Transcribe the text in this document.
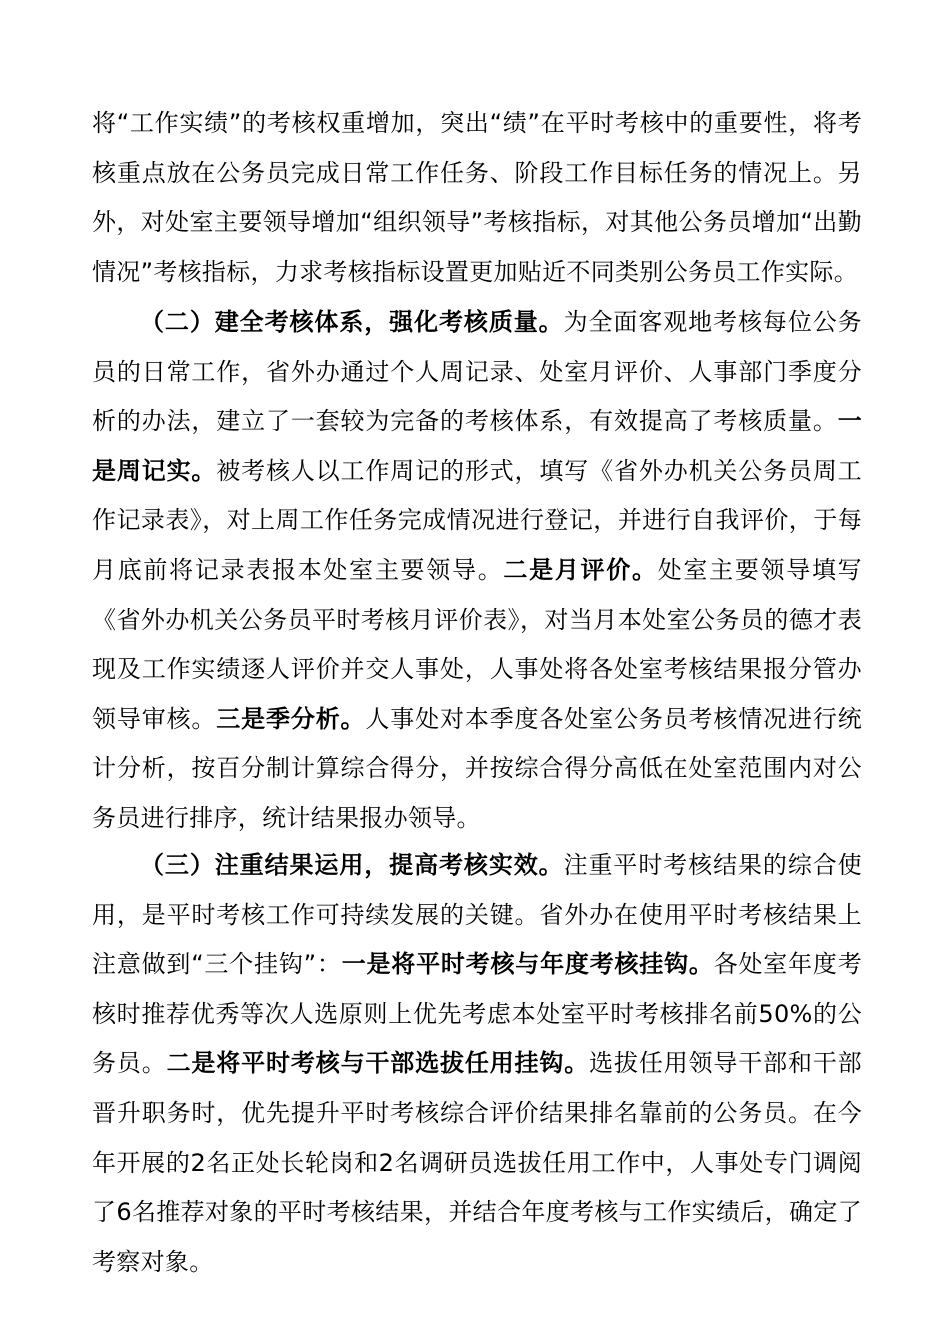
将“工作实绩”的考核权重增加，突出“绩”在平时考核中的重要性，将考核重点放在公务员完成日常工作任务、阶段工作目标任务的情况上。另外，对处室主要领导增加“组织领导”考核指标，对其他公务员增加“出勤情况”考核指标，力求考核指标设置更加贴近不同类别公务员工作实际。

（二）建全考核体系，强化考核质量。为全面客观地考核每位公务员的日常工作，省外办通过个人周记录、处室月评价、人事部门季度分析的办法，建立了一套较为完备的考核体系，有效提高了考核质量。一是周记实。被考核人以工作周记的形式，填写《省外办机关公务员周工作记录表》，对上周工作任务完成情况进行登记，并进行自我评价，于每月底前将记录表报本处室主要领导。二是月评价。处室主要领导填写《省外办机关公务员平时考核月评价表》，对当月本处室公务员的德才表现及工作实绩逐人评价并交人事处，人事处将各处室考核结果报分管办领导审核。三是季分析。人事处对本季度各处室公务员考核情况进行统计分析，按百分制计算综合得分，并按综合得分高低在处室范围内对公务员进行排序，统计结果报办领导。

（三）注重结果运用，提高考核实效。注重平时考核结果的综合使用，是平时考核工作可持续发展的关键。省外办在使用平时考核结果上注意做到“三个挂钩”：一是将平时考核与年度考核挂钩。各处室年度考核时推荐优秀等次人选原则上优先考虑本处室平时考核排名前50%的公务员。二是将平时考核与干部选拔任用挂钩。选拔任用领导干部和干部晋升职务时，优先提升平时考核综合评价结果排名靠前的公务员。在今年开展的2名正处长轮岗和2名调研员选拔任用工作中，人事处专门调阅了6名推荐对象的平时考核结果，并结合年度考核与工作实绩后，确定了考察对象。
